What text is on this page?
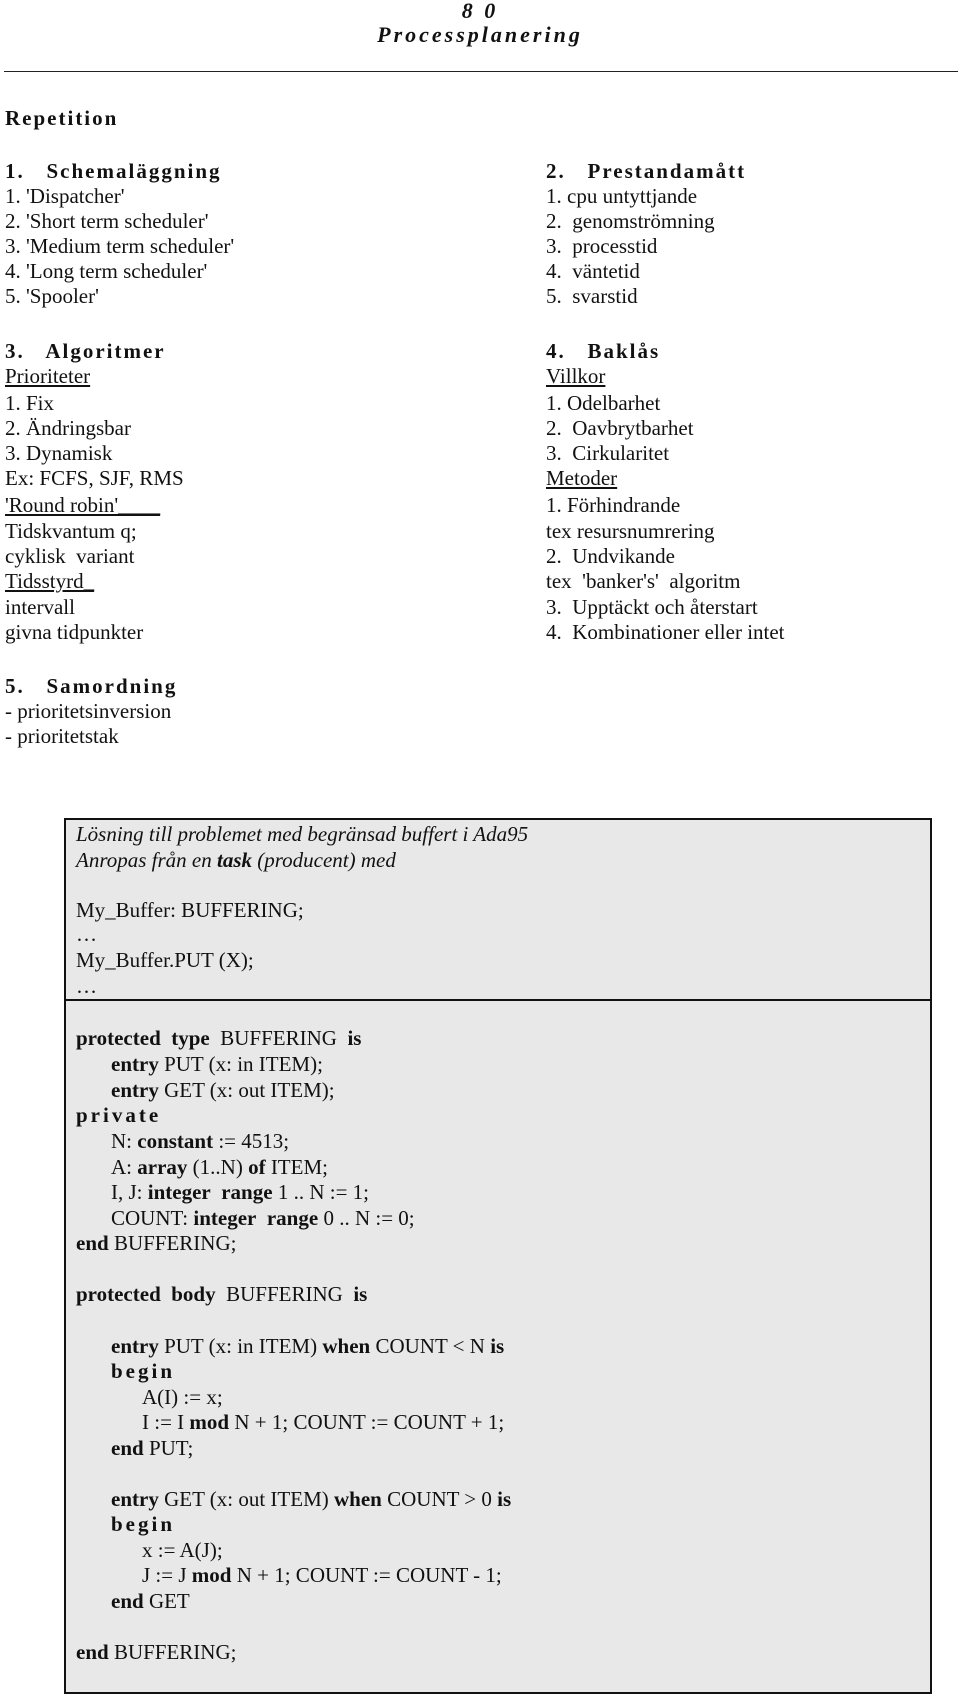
8 0
Processplanering
Repetition
1.   Schemaläggning
1. 'Dispatcher'
2. 'Short term scheduler'
3. 'Medium term scheduler'
4. 'Long term scheduler'
5. 'Spooler'
3.   Algoritmer
Prioriteter
1. Fix
2. Ändringsbar
3. Dynamisk
Ex: FCFS, SJF, RMS
'Round robin'____
Tidskvantum q;
cyklisk  variant
Tidsstyrd_
intervall
givna tidpunkter
5.   Samordning
- prioritetsinversion
- prioritetstak
2.   Prestandamått
1. cpu untyttjande
2.  genomströmning
3.  processtid
4.  väntetid
5.  svarstid
4.   Baklås
Villkor
1. Odelbarhet
2.  Oavbrytbarhet
3.  Cirkularitet
Metoder
1. Förhindrande
tex resursnumrering
2.  Undvikande
tex  'banker's'  algoritm
3.  Upptäckt och återstart
4.  Kombinationer eller intet
Lösning till problemet med begränsad buffert i Ada95
Anropas från en task (producent) med
My_Buffer: BUFFERING;
…
My_Buffer.PUT (X);
…
protected type BUFFERING is
entry PUT (x: in ITEM);
entry GET (x: out ITEM);
private
N: constant := 4513;
A: array (1..N) of ITEM;
I, J: integer range 1 .. N := 1;
COUNT: integer range 0 .. N := 0;
end BUFFERING;
protected body BUFFERING is
entry PUT (x: in ITEM) when COUNT < N is
begin
A(I) := x;
I := I mod N + 1; COUNT := COUNT + 1;
end PUT;
entry GET (x: out ITEM) when COUNT > 0 is
begin
x := A(J);
J := J mod N + 1; COUNT := COUNT - 1;
end GET
end BUFFERING;
